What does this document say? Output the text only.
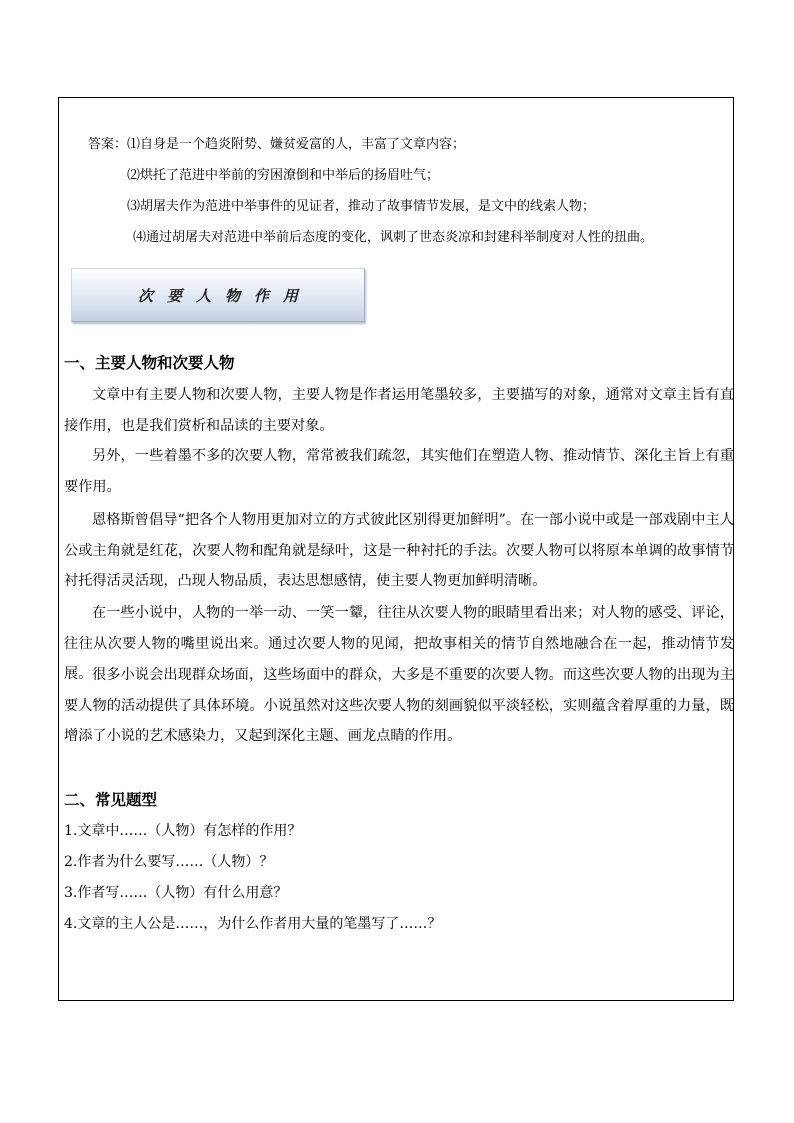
答案：⑴自身是一个趋炎附势、嫌贫爱富的人，丰富了文章内容；
⑵烘托了范进中举前的穷困潦倒和中举后的扬眉吐气；
⑶胡屠夫作为范进中举事件的见证者，推动了故事情节发展，是文中的线索人物；
⑷通过胡屠夫对范进中举前后态度的变化，讽刺了世态炎凉和封建科举制度对人性的扭曲。
次要人物作用
一、主要人物和次要人物

文章中有主要人物和次要人物，主要人物是作者运用笔墨较多，主要描写的对象，通常对文章主旨有直接作用，也是我们赏析和品读的主要对象。

另外，一些着墨不多的次要人物，常常被我们疏忽，其实他们在塑造人物、推动情节、深化主旨上有重要作用。

恩格斯曾倡导“把各个人物用更加对立的方式彼此区别得更加鲜明”。在一部小说中或是一部戏剧中主人公或主角就是红花，次要人物和配角就是绿叶，这是一种衬托的手法。次要人物可以将原本单调的故事情节衬托得活灵活现，凸现人物品质，表达思想感情，使主要人物更加鲜明清晰。

在一些小说中，人物的一举一动、一笑一颦，往往从次要人物的眼睛里看出来；对人物的感受、评论，往往从次要人物的嘴里说出来。通过次要人物的见闻，把故事相关的情节自然地融合在一起，推动情节发展。 很多小说会出现群众场面，这些场面中的群众，大多是不重要的次要人物。而这些次要人物的出现为主要人物的活动提供了具体环境。小说虽然对这些次要人物的刻画貌似平淡轻松，实则蕴含着厚重的力量，既增添了小说的艺术感染力，又起到深化主题、画龙点睛的作用。

二、常见题型
1.文章中……（人物）有怎样的作用？
2.作者为什么要写……（人物）？
3.作者写……（人物）有什么用意？
4.文章的主人公是……，为什么作者用大量的笔墨写了……？
